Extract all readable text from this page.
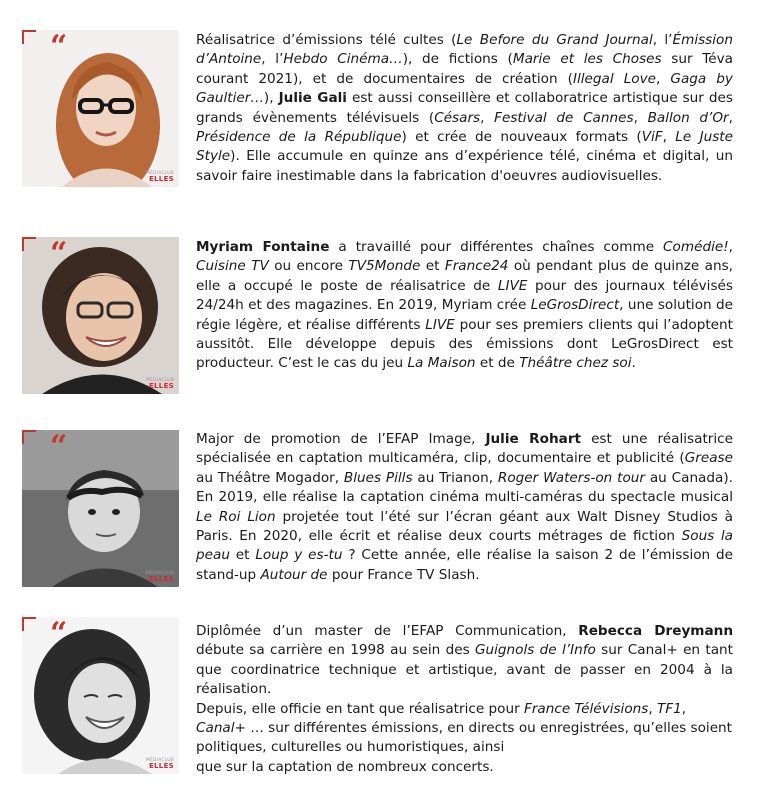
“
MÉDIACLUB
ELLES

Réalisatrice d’émissions télé cultes (Le Before du Grand Journal, l’Émission d’Antoine, l’Hebdo Cinéma…), de fictions (Marie et les Choses sur Téva courant 2021), et de documentaires de création (Illegal Love, Gaga by Gaultier…), Julie Gali est aussi conseillère et collaboratrice artistique sur des grands évènements télévisuels (Césars, Festival de Cannes, Ballon d’Or, Présidence de la République) et crée de nouveaux formats (ViF, Le Juste Style). Elle accumule en quinze ans d’expérience télé, cinéma et digital, un savoir faire inestimable dans la fabrication d'oeuvres audiovisuelles.

“
MÉDIACLUB
ELLES

Myriam Fontaine a travaillé pour différentes chaînes comme Comédie!, Cuisine TV ou encore TV5Monde et France24 où pendant plus de quinze ans, elle a occupé le poste de réalisatrice de LIVE pour des journaux télévisés 24/24h et des magazines. En 2019, Myriam crée LeGrosDirect, une solution de régie légère, et réalise différents LIVE pour ses premiers clients qui l’adoptent aussitôt. Elle développe depuis des émissions dont LeGrosDirect est producteur. C’est le cas du jeu La Maison et de Théâtre chez soi.

“
MÉDIACLUB
ELLES

Major de promotion de l’EFAP Image, Julie Rohart est une réalisatrice spécialisée en captation multicaméra, clip, documentaire et publicité (Grease au Théâtre Mogador, Blues Pills au Trianon, Roger Waters-on tour au Canada). En 2019, elle réalise la captation cinéma multi-caméras du spectacle musical Le Roi Lion projetée tout l’été sur l’écran géant aux Walt Disney Studios à Paris. En 2020, elle écrit et réalise deux courts métrages de fiction Sous la peau et Loup y es-tu ? Cette année, elle réalise la saison 2 de l’émission de stand-up Autour de pour France TV Slash.

“
MÉDIACLUB
ELLES

Diplômée d’un master de l’EFAP Communication, Rebecca Dreymann débute sa carrière en 1998 au sein des Guignols de l’Info sur Canal+ en tant que coordinatrice technique et artistique, avant de passer en 2004 à la réalisation.

Depuis, elle officie en tant que réalisatrice pour France Télévisions, TF1, Canal+ … sur différentes émissions, en directs ou enregistrées, qu’elles soient politiques, culturelles ou humoristiques, ainsi

que sur la captation de nombreux concerts.
